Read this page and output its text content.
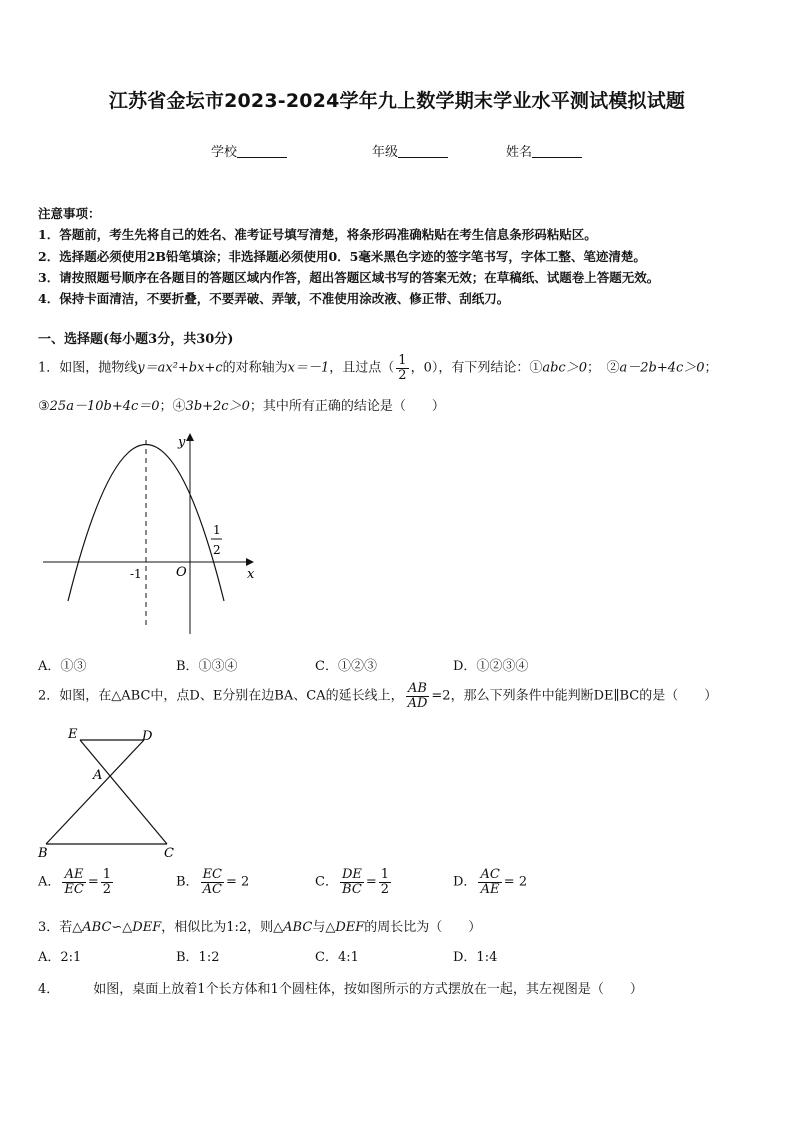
江苏省金坛市2023-2024学年九上数学期末学业水平测试模拟试题
学校	年级	姓名
注意事项：
1．答题前，考生先将自己的姓名、准考证号填写清楚，将条形码准确粘贴在考生信息条形码粘贴区。
2．选择题必须使用2B铅笔填涂；非选择题必须使用0．5毫米黑色字迹的签字笔书写，字体工整、笔迹清楚。
3．请按照题号顺序在各题目的答题区域内作答，超出答题区域书写的答案无效；在草稿纸、试题卷上答题无效。
4．保持卡面清洁，不要折叠，不要弄破、弄皱，不准使用涂改液、修正带、刮纸刀。
一、选择题(每小题3分，共30分)
1．如图，抛物线y＝ax²+bx+c的对称轴为x＝－1，且过点（ $\frac{1}{2}$ ，0），有下列结论：①abc＞0；　②a－2b+4c＞0；
③25a－10b+4c＝0；④3b+2c＞0；其中所有正确的结论是（　　）
y
x
O
-1
1
2
A．①③	B．①③④	C．①②③	D．①②③④
2．如图，在△ABC中，点D、E分别在边BA、CA的延长线上， $\frac{AB}{AD} =2$，那么下列条件中能判断DE∥BC的是（　　）
E	D
A
B	C
A． $\frac{AE}{EC} = \frac{1}{2}$	B． $\frac{EC}{AC} = 2$	C． $\frac{DE}{BC} = \frac{1}{2}$	D． $\frac{AC}{AE} = 2$
3．若△ABC∽△DEF，相似比为1:2，则△ABC与△DEF的周长比为（　　）
A．2:1	B．1:2	C．4:1	D．1:4
4．	如图，桌面上放着1个长方体和1个圆柱体，按如图所示的方式摆放在一起，其左视图是（　　）
